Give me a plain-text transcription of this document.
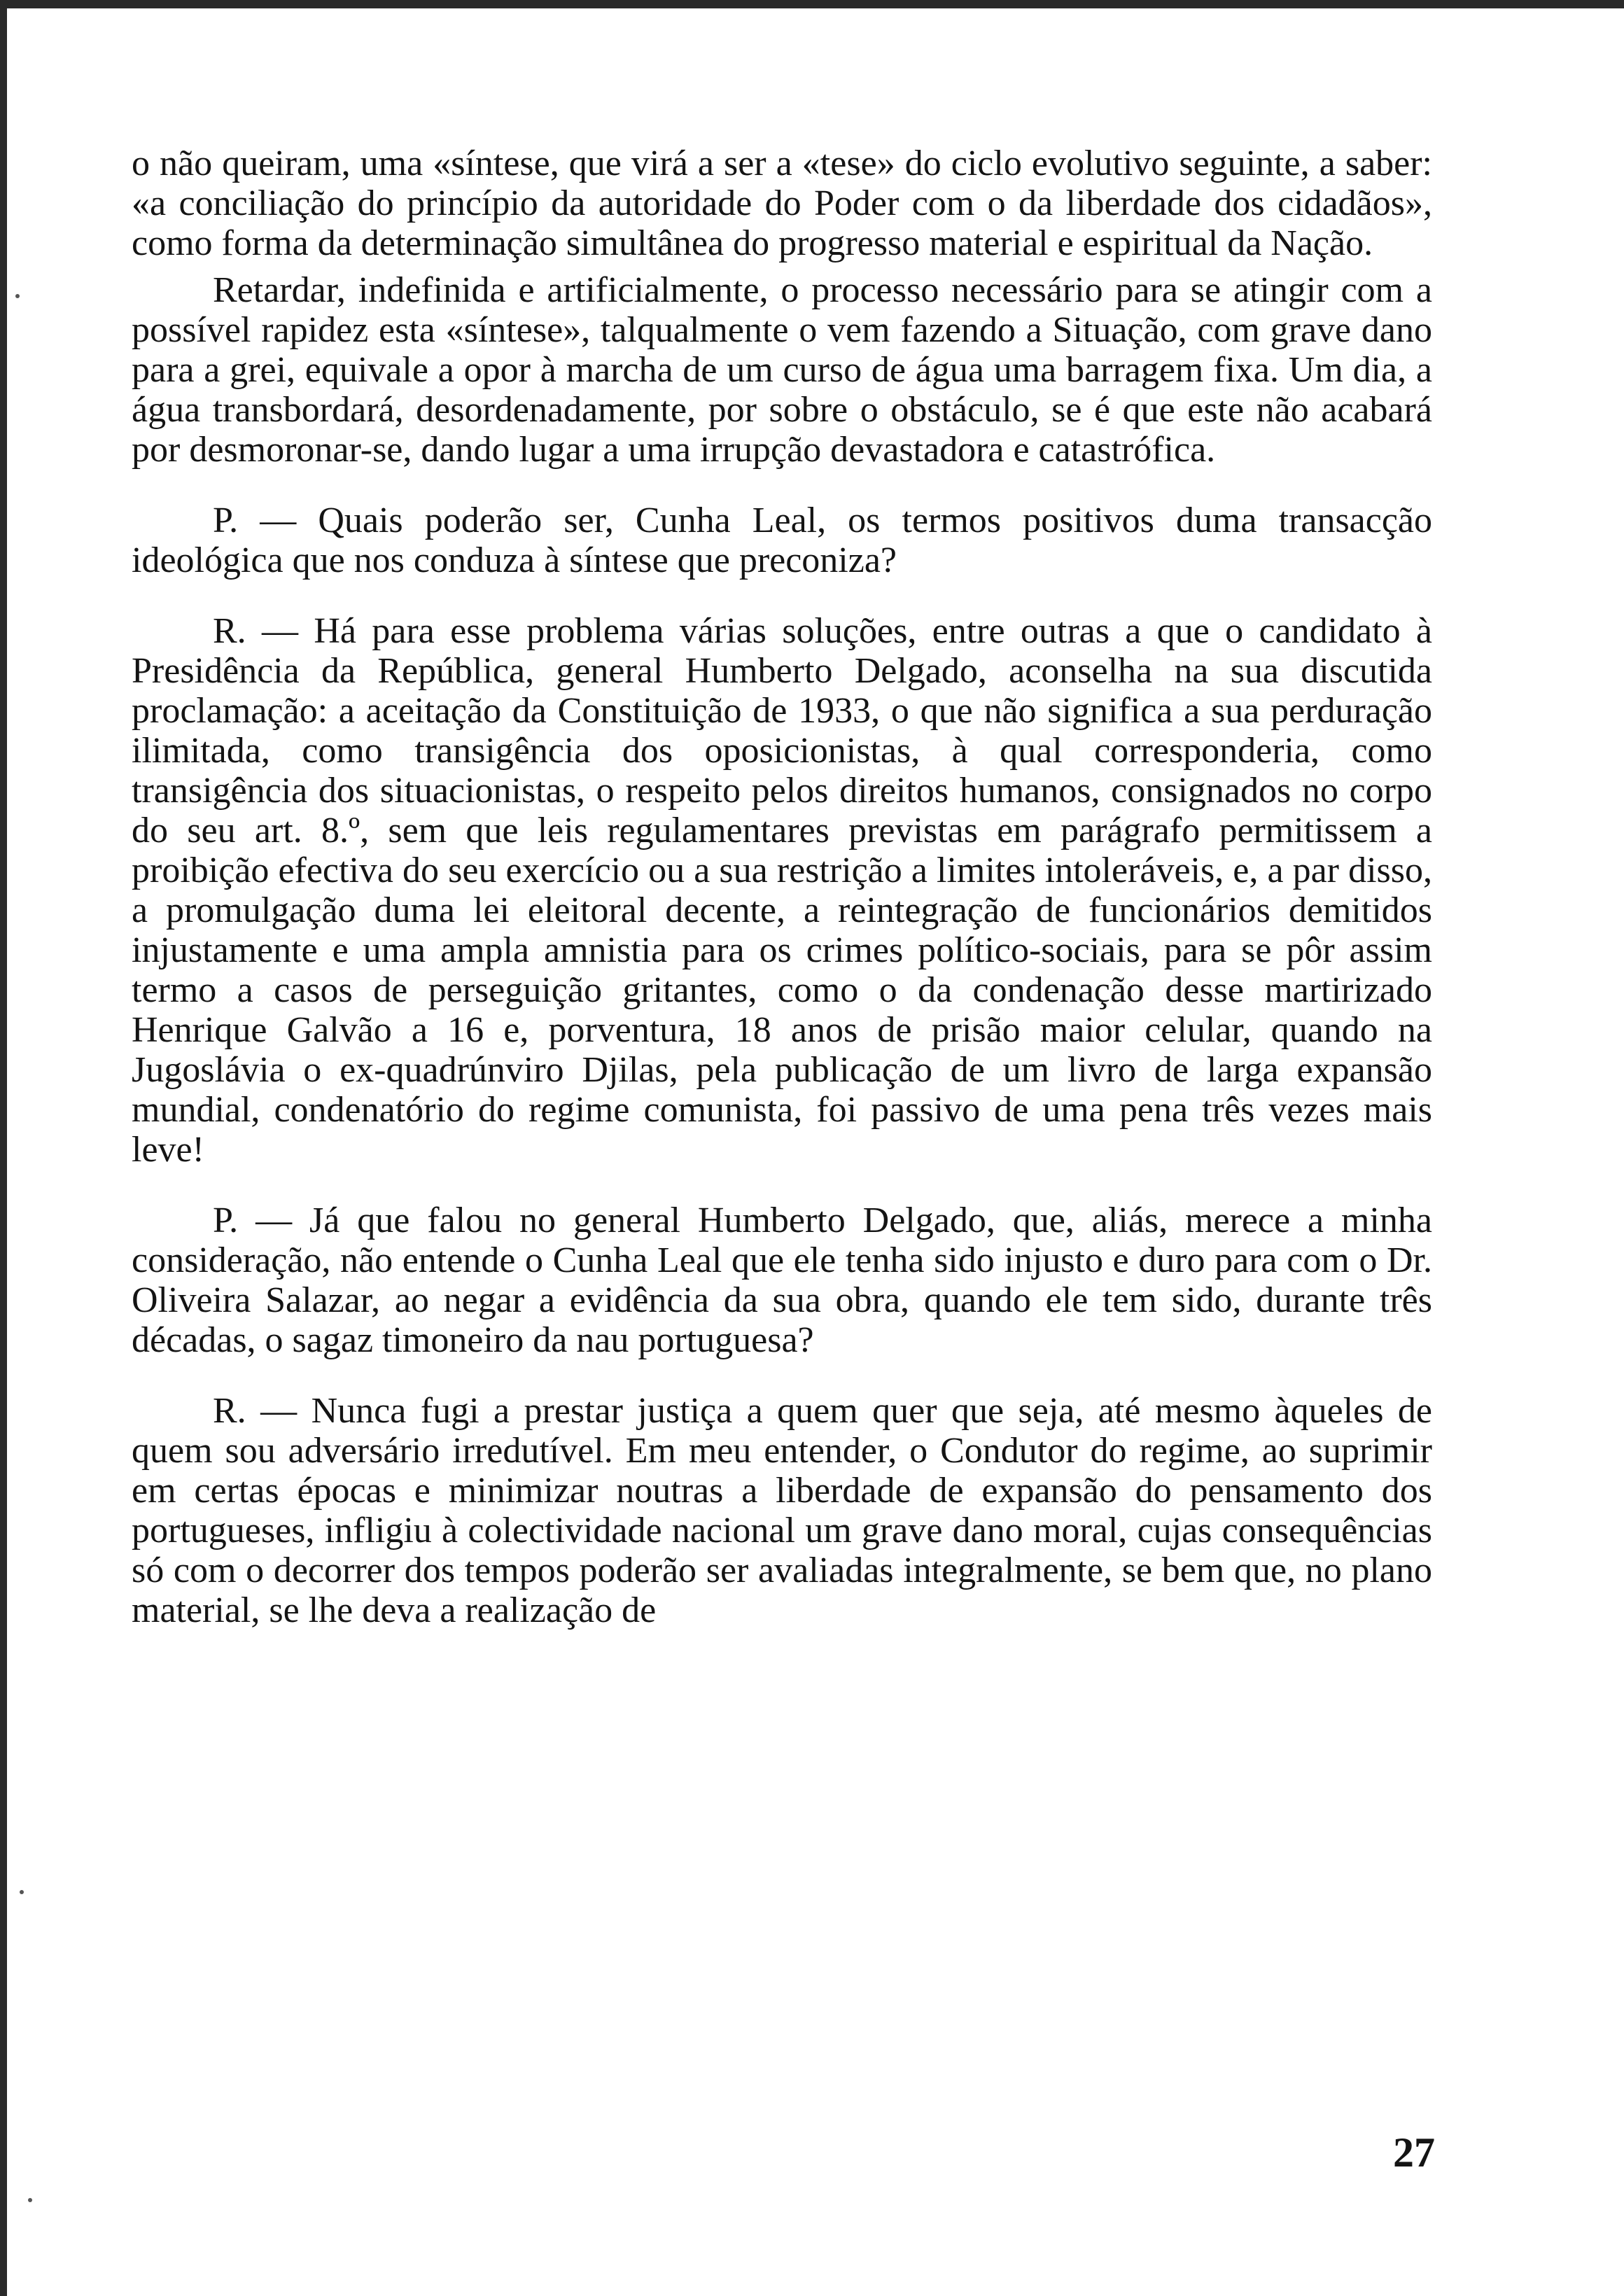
o não queiram, uma «síntese, que virá a ser a «tese» do ciclo evolutivo seguinte, a saber: «a conciliação do princípio da autoridade do Poder com o da liberdade dos cidadãos», como forma da determinação simultânea do progresso material e espiritual da Nação.

Retardar, indefinida e artificialmente, o processo necessário para se atingir com a possível rapidez esta «síntese», talqualmente o vem fazendo a Situação, com grave dano para a grei, equivale a opor à marcha de um curso de água uma barragem fixa. Um dia, a água transbordará, desordenadamente, por sobre o obstáculo, se é que este não acabará por desmoronar-se, dando lugar a uma irrupção devastadora e catastrófica.

P. — Quais poderão ser, Cunha Leal, os termos positivos duma transacção ideológica que nos conduza à síntese que preconiza?

R. — Há para esse problema várias soluções, entre outras a que o candidato à Presidência da República, general Humberto Delgado, aconselha na sua discutida proclamação: a aceitação da Constituição de 1933, o que não significa a sua perduração ilimitada, como transigência dos oposicionistas, à qual corresponderia, como transigência dos situacionistas, o respeito pelos direitos humanos, consignados no corpo do seu art. 8.º, sem que leis regulamentares previstas em parágrafo permitissem a proibição efectiva do seu exercício ou a sua restrição a limites intoleráveis, e, a par disso, a promulgação duma lei eleitoral decente, a reintegração de funcionários demitidos injustamente e uma ampla amnistia para os crimes político-sociais, para se pôr assim termo a casos de perseguição gritantes, como o da condenação desse martirizado Henrique Galvão a 16 e, porventura, 18 anos de prisão maior celular, quando na Jugoslávia o ex-quadrúnviro Djilas, pela publicação de um livro de larga expansão mundial, condenatório do regime comunista, foi passivo de uma pena três vezes mais leve!

P. — Já que falou no general Humberto Delgado, que, aliás, merece a minha consideração, não entende o Cunha Leal que ele tenha sido injusto e duro para com o Dr. Oliveira Salazar, ao negar a evidência da sua obra, quando ele tem sido, durante três décadas, o sagaz timoneiro da nau portuguesa?

R. — Nunca fugi a prestar justiça a quem quer que seja, até mesmo àqueles de quem sou adversário irredutível. Em meu entender, o Condutor do regime, ao suprimir em certas épocas e minimizar noutras a liberdade de expansão do pensamento dos portugueses, infligiu à colectividade nacional um grave dano moral, cujas consequências só com o decorrer dos tempos poderão ser avaliadas integralmente, se bem que, no plano material, se lhe deva a realização de

27
